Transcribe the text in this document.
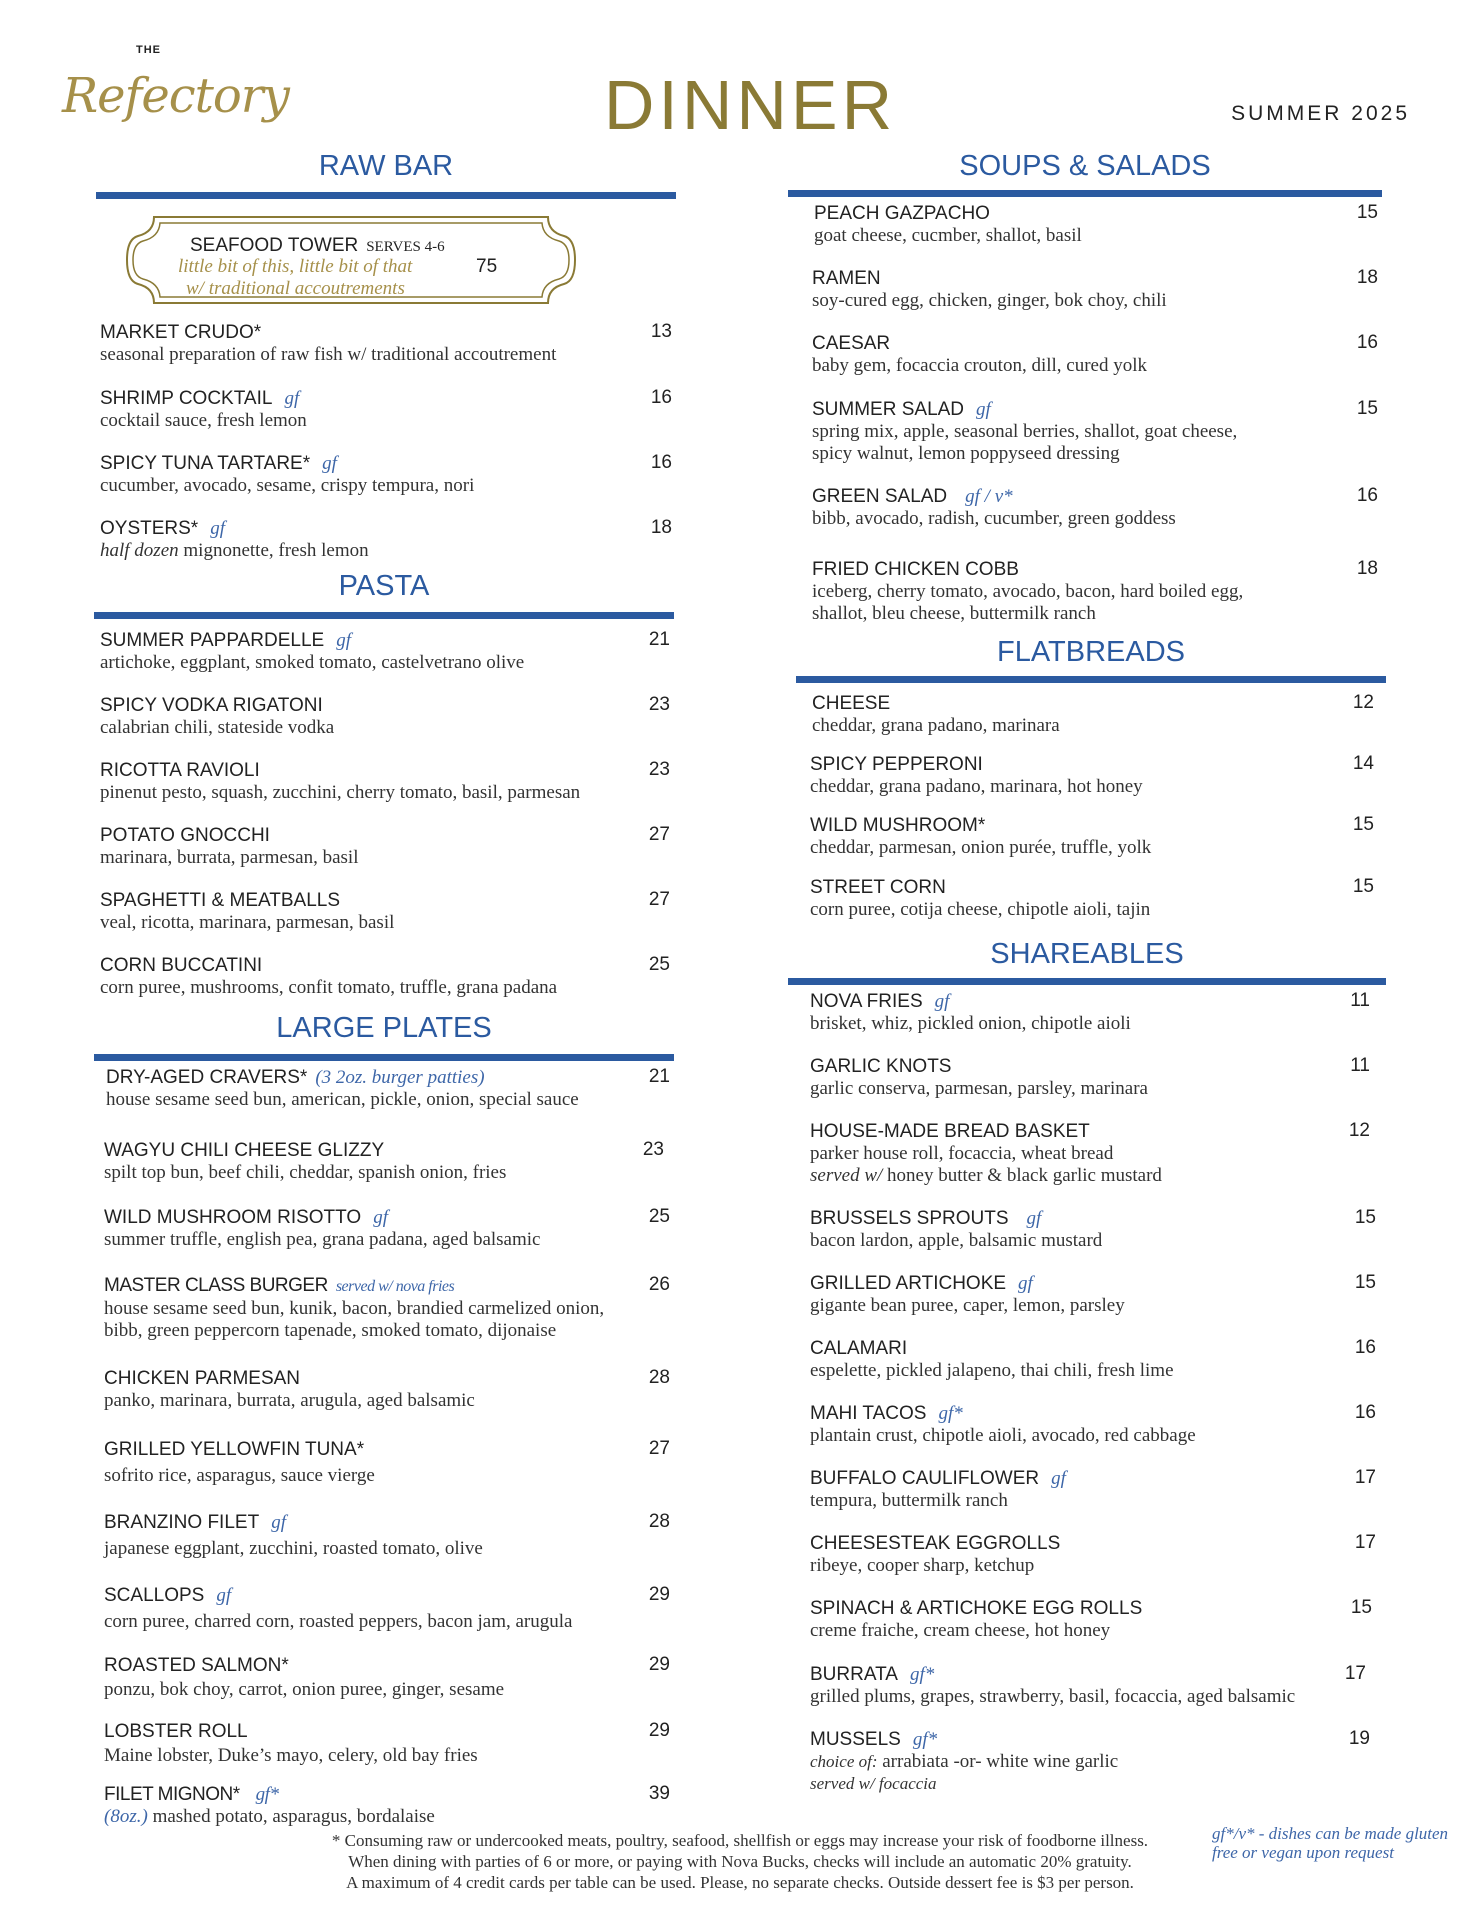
THE
Refectory	DINNER	SUMMER 2025
RAW BAR
SEAFOOD TOWER SERVES 4-6
little bit of this, little bit of that
w/ traditional accoutrements
75
MARKET CRUDO*
seasonal preparation of raw fish w/ traditional accoutrement
13
SHRIMP COCKTAIL gf
cocktail sauce, fresh lemon
16
SPICY TUNA TARTARE* gf
cucumber, avocado, sesame, crispy tempura, nori
16
OYSTERS* gf
half dozen mignonette, fresh lemon
18
PASTA
SUMMER PAPPARDELLE gf
artichoke, eggplant, smoked tomato, castelvetrano olive
21
SPICY VODKA RIGATONI
calabrian chili, stateside vodka
23
RICOTTA RAVIOLI
pinenut pesto, squash, zucchini, cherry tomato, basil, parmesan
23
POTATO GNOCCHI
marinara, burrata, parmesan, basil
27
SPAGHETTI & MEATBALLS
veal, ricotta, marinara, parmesan, basil
27
CORN BUCCATINI
corn puree, mushrooms, confit tomato, truffle, grana padana
25
LARGE PLATES
DRY-AGED CRAVERS* (3 2oz. burger patties)
house sesame seed bun, american, pickle, onion, special sauce
21
WAGYU CHILI CHEESE GLIZZY
spilt top bun, beef chili, cheddar, spanish onion, fries
23
WILD MUSHROOM RISOTTO gf
summer truffle, english pea, grana padana, aged balsamic
25
MASTER CLASS BURGER served w/ nova fries
house sesame seed bun, kunik, bacon, brandied carmelized onion,
bibb, green peppercorn tapenade, smoked tomato, dijonaise
26
CHICKEN PARMESAN
panko, marinara, burrata, arugula, aged balsamic
28
GRILLED YELLOWFIN TUNA*
sofrito rice, asparagus, sauce vierge
27
BRANZINO FILET gf
japanese eggplant, zucchini, roasted tomato, olive
28
SCALLOPS gf
corn puree, charred corn, roasted peppers, bacon jam, arugula
29
ROASTED SALMON*
ponzu, bok choy, carrot, onion puree, ginger, sesame
29
LOBSTER ROLL
Maine lobster, Duke’s mayo, celery, old bay fries
29
FILET MIGNON* gf*
(8oz.) mashed potato, asparagus, bordalaise
39
SOUPS & SALADS
PEACH GAZPACHO
goat cheese, cucmber, shallot, basil
15
RAMEN
soy-cured egg, chicken, ginger, bok choy, chili
18
CAESAR
baby gem, focaccia crouton, dill, cured yolk
16
SUMMER SALAD gf
spring mix, apple, seasonal berries, shallot, goat cheese,
spicy walnut, lemon poppyseed dressing
15
GREEN SALAD gf / v*
bibb, avocado, radish, cucumber, green goddess
16
FRIED CHICKEN COBB
iceberg, cherry tomato, avocado, bacon, hard boiled egg,
shallot, bleu cheese, buttermilk ranch
18
FLATBREADS
CHEESE
cheddar, grana padano, marinara
12
SPICY PEPPERONI
cheddar, grana padano, marinara, hot honey
14
WILD MUSHROOM*
cheddar, parmesan, onion purée, truffle, yolk
15
STREET CORN
corn puree, cotija cheese, chipotle aioli, tajin
15
SHAREABLES
NOVA FRIES gf
brisket, whiz, pickled onion, chipotle aioli
11
GARLIC KNOTS
garlic conserva, parmesan, parsley, marinara
11
HOUSE-MADE BREAD BASKET
parker house roll, focaccia, wheat bread
served w/ honey butter & black garlic mustard
12
BRUSSELS SPROUTS gf
bacon lardon, apple, balsamic mustard
15
GRILLED ARTICHOKE gf
gigante bean puree, caper, lemon, parsley
15
CALAMARI
espelette, pickled jalapeno, thai chili, fresh lime
16
MAHI TACOS gf*
plantain crust, chipotle aioli, avocado, red cabbage
16
BUFFALO CAULIFLOWER gf
tempura, buttermilk ranch
17
CHEESESTEAK EGGROLLS
ribeye, cooper sharp, ketchup
17
SPINACH & ARTICHOKE EGG ROLLS
creme fraiche, cream cheese, hot honey
15
BURRATA gf*
grilled plums, grapes, strawberry, basil, focaccia, aged balsamic
17
MUSSELS gf*
choice of: arrabiata -or- white wine garlic
served w/ focaccia
19
* Consuming raw or undercooked meats, poultry, seafood, shellfish or eggs may increase your risk of foodborne illness.
When dining with parties of 6 or more, or paying with Nova Bucks, checks will include an automatic 20% gratuity.
A maximum of 4 credit cards per table can be used. Please, no separate checks. Outside dessert fee is $3 per person.
gf*/v* - dishes can be made gluten free or vegan upon request
